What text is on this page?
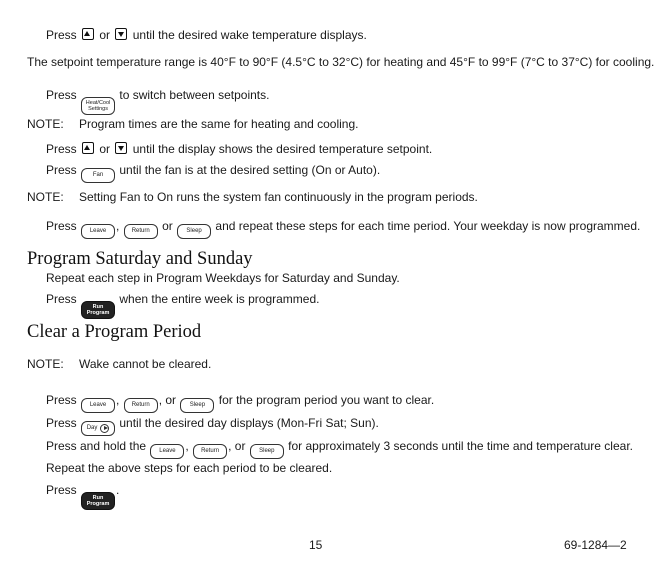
Press or until the desired wake temperature displays.
The setpoint temperature range is 40°F to 90°F (4.5°C to 32°C) for heating and 45°F to 99°F (7°C to 37°C) for cooling.
Press
Heat/Cool
Settings
to switch between setpoints.
NOTE: Program times are the same for heating and cooling.
Press or until the display shows the desired temperature setpoint.
Press	Fan until the fan is at the desired setting (On or Auto).
NOTE: Setting Fan to On runs the system fan continuously in the program periods.
Press Leave , Return or Sleep and repeat these steps for each time period. Your weekday is now programmed.
Program Saturday and Sunday
Repeat each step in Program Weekdays for Saturday and Sunday.
Press
Run
Program
when the entire week is programmed.
Clear a Program Period
NOTE: Wake cannot be cleared.
Press Leave , Return , or Sleep for the program period you want to clear.
Press Day until the desired day displays (Mon-Fri Sat; Sun).
Press and hold the Leave , Return , or Sleep for approximately 3 seconds until the time and temperature clear.
Repeat the above steps for each period to be cleared.
Press
Run
Program
.
15	69-1284—2
